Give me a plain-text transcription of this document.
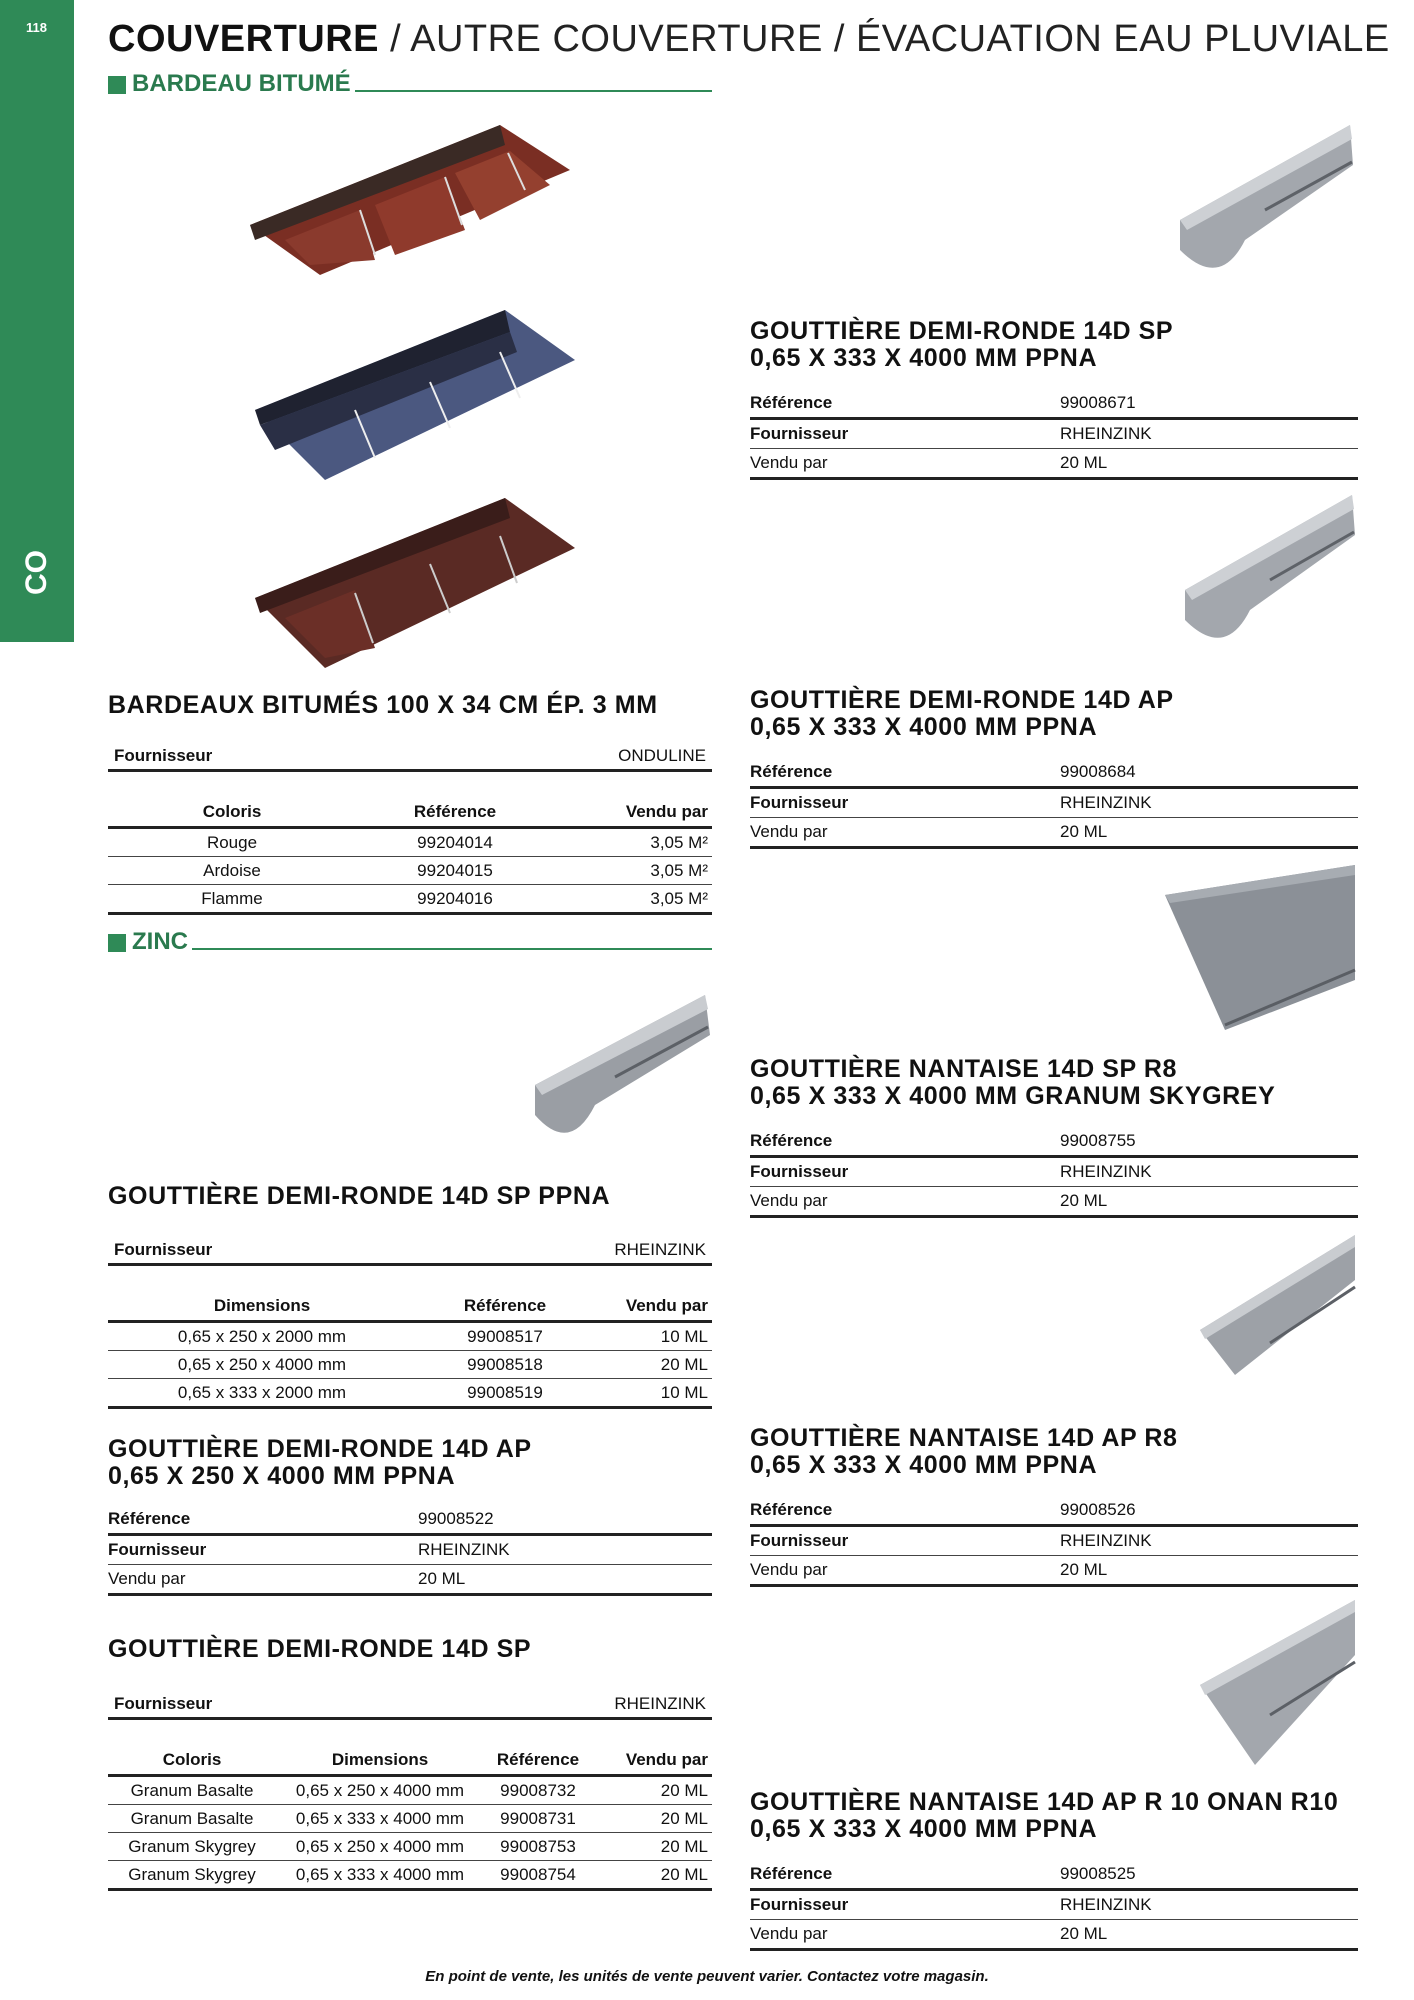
118
CO
COUVERTURE / AUTRE COUVERTURE / ÉVACUATION EAU PLUVIALE
BARDEAU BITUMÉ
BARDEAUX BITUMÉS 100 X 34 CM ÉP. 3 MM
Fournisseur	ONDULINE
Coloris	Référence	Vendu par
Rouge	99204014	3,05 M²
Ardoise	99204015	3,05 M²
Flamme	99204016	3,05 M²
ZINC
GOUTTIÈRE DEMI-RONDE 14D SP PPNA
Fournisseur	RHEINZINK
Dimensions	Référence	Vendu par
0,65 x 250 x 2000 mm	99008517	10 ML
0,65 x 250 x 4000 mm	99008518	20 ML
0,65 x 333 x 2000 mm	99008519	10 ML
GOUTTIÈRE DEMI-RONDE 14D AP
0,65 X 250 X 4000 MM PPNA
Référence	99008522
Fournisseur	RHEINZINK
Vendu par	20 ML
GOUTTIÈRE DEMI-RONDE 14D SP
Fournisseur	RHEINZINK
Coloris	Dimensions	Référence	Vendu par
Granum Basalte	0,65 x 250 x 4000 mm	99008732	20 ML
Granum Basalte	0,65 x 333 x 4000 mm	99008731	20 ML
Granum Skygrey	0,65 x 250 x 4000 mm	99008753	20 ML
Granum Skygrey	0,65 x 333 x 4000 mm	99008754	20 ML
GOUTTIÈRE DEMI-RONDE 14D SP
0,65 X 333 X 4000 MM PPNA
Référence	99008671
Fournisseur	RHEINZINK
Vendu par	20 ML
GOUTTIÈRE DEMI-RONDE 14D AP
0,65 X 333 X 4000 MM PPNA
Référence	99008684
Fournisseur	RHEINZINK
Vendu par	20 ML
GOUTTIÈRE NANTAISE 14D SP R8
0,65 X 333 X 4000 MM GRANUM SKYGREY
Référence	99008755
Fournisseur	RHEINZINK
Vendu par	20 ML
GOUTTIÈRE NANTAISE 14D AP R8
0,65 X 333 X 4000 MM PPNA
Référence	99008526
Fournisseur	RHEINZINK
Vendu par	20 ML
GOUTTIÈRE NANTAISE 14D AP R 10 ONAN R10
0,65 X 333 X 4000 MM PPNA
Référence	99008525
Fournisseur	RHEINZINK
Vendu par	20 ML
En point de vente, les unités de vente peuvent varier. Contactez votre magasin.
